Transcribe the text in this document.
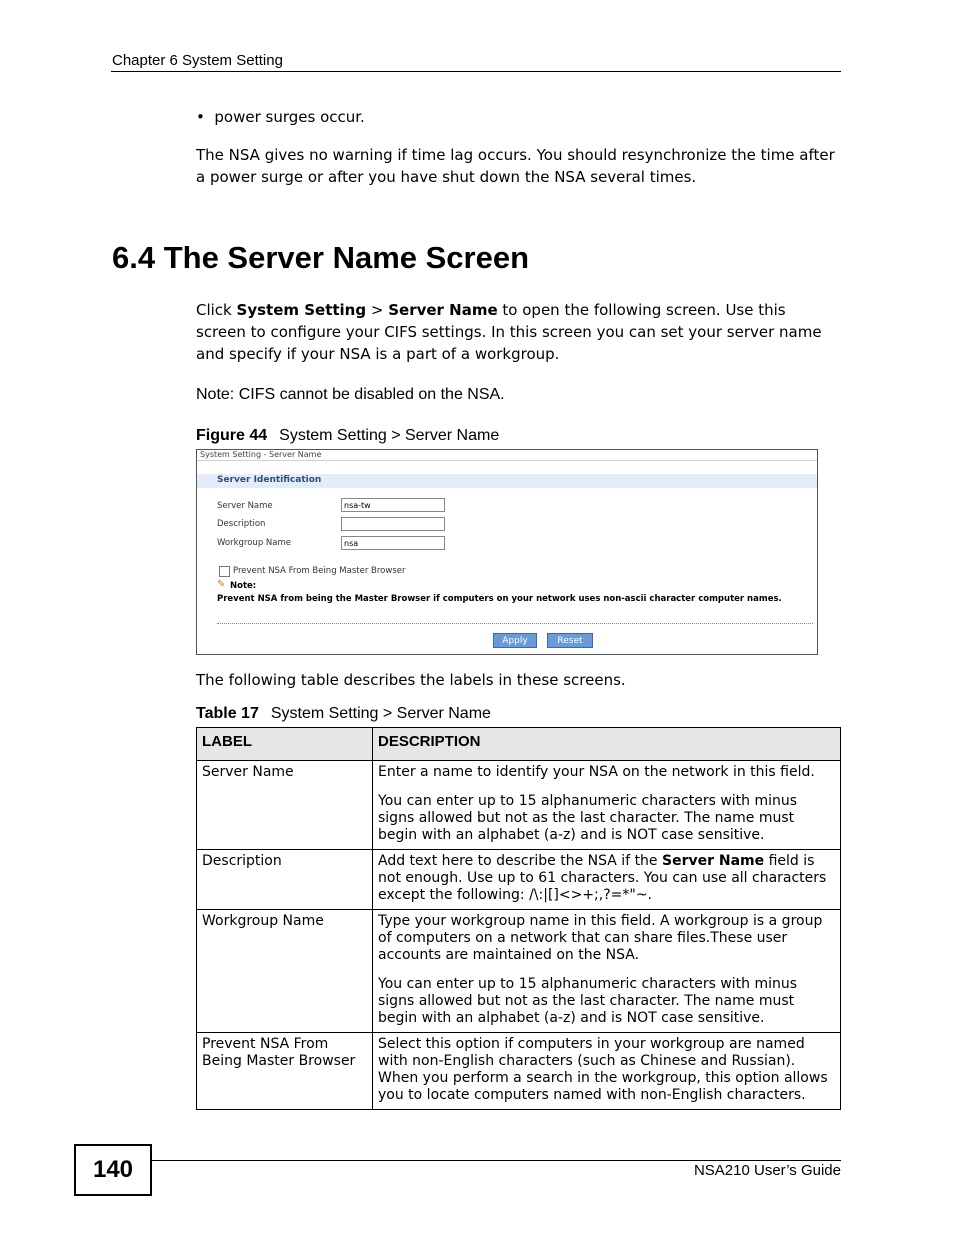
Chapter 6 System Setting
•  power surges occur.
The NSA gives no warning if time lag occurs. You should resynchronize the time after a power surge or after you have shut down the NSA several times.
6.4 The Server Name Screen
Click System Setting > Server Name to open the following screen. Use this screen to configure your CIFS settings. In this screen you can set your server name and specify if your NSA is a part of a workgroup.
Note: CIFS cannot be disabled on the NSA.
Figure 44 System Setting > Server Name
System Setting - Server Name
Server Identification
Server Name	nsa-tw
Description
Workgroup Name	nsa
Prevent NSA From Being Master Browser
✎ Note:
Prevent NSA from being the Master Browser if computers on your network uses non-ascii character computer names.
Apply	Reset
The following table describes the labels in these screens.
Table 17 System Setting > Server Name
LABEL	DESCRIPTION
Server Name	Enter a name to identify your NSA on the network in this field.

You can enter up to 15 alphanumeric characters with minus signs allowed but not as the last character. The name must begin with an alphabet (a-z) and is NOT case sensitive.

Description	Add text here to describe the NSA if the Server Name field is not enough. Use up to 61 characters. You can use all characters except the following: /\:|[]<>+;,?=*"~.
Workgroup Name	Type your workgroup name in this field. A workgroup is a group of computers on a network that can share files.These user accounts are maintained on the NSA.

You can enter up to 15 alphanumeric characters with minus signs allowed but not as the last character. The name must begin with an alphabet (a-z) and is NOT case sensitive.

Prevent NSA From Being Master Browser	Select this option if computers in your workgroup are named with non-English characters (such as Chinese and Russian). When you perform a search in the workgroup, this option allows you to locate computers named with non-English characters.

140	NSA210 User’s Guide
